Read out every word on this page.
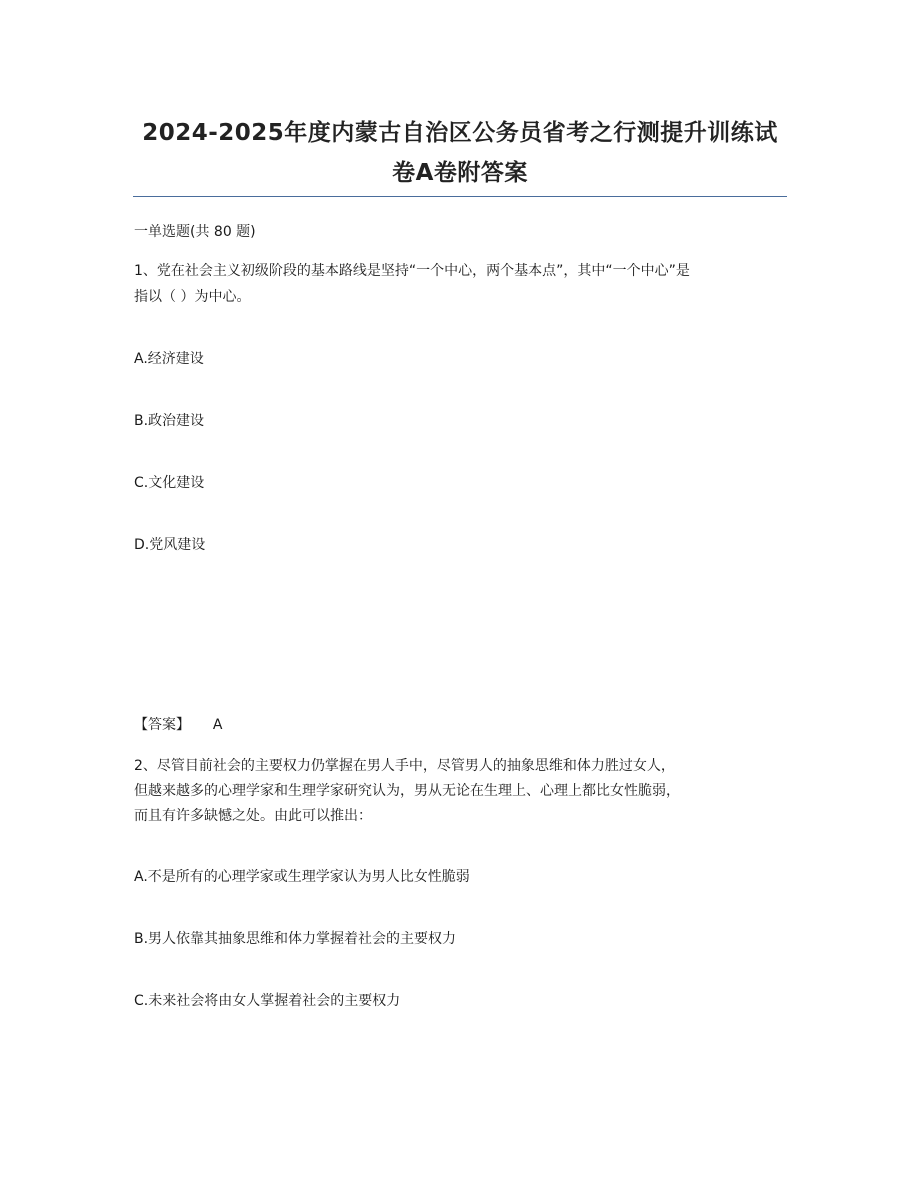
2024-2025年度内蒙古自治区公务员省考之行测提升训练试
卷A卷附答案
一单选题(共 80 题)
1、党在社会主义初级阶段的基本路线是坚持“一个中心，两个基本点”，其中“一个中心”是
指以（ ）为中心。
A.经济建设
B.政治建设
C.文化建设
D.党风建设
【答案】 A
2、尽管目前社会的主要权力仍掌握在男人手中，尽管男人的抽象思维和体力胜过女人，
但越来越多的心理学家和生理学家研究认为，男从无论在生理上、心理上都比女性脆弱，
而且有许多缺憾之处。由此可以推出：
A.不是所有的心理学家或生理学家认为男人比女性脆弱
B.男人依靠其抽象思维和体力掌握着社会的主要权力
C.未来社会将由女人掌握着社会的主要权力
